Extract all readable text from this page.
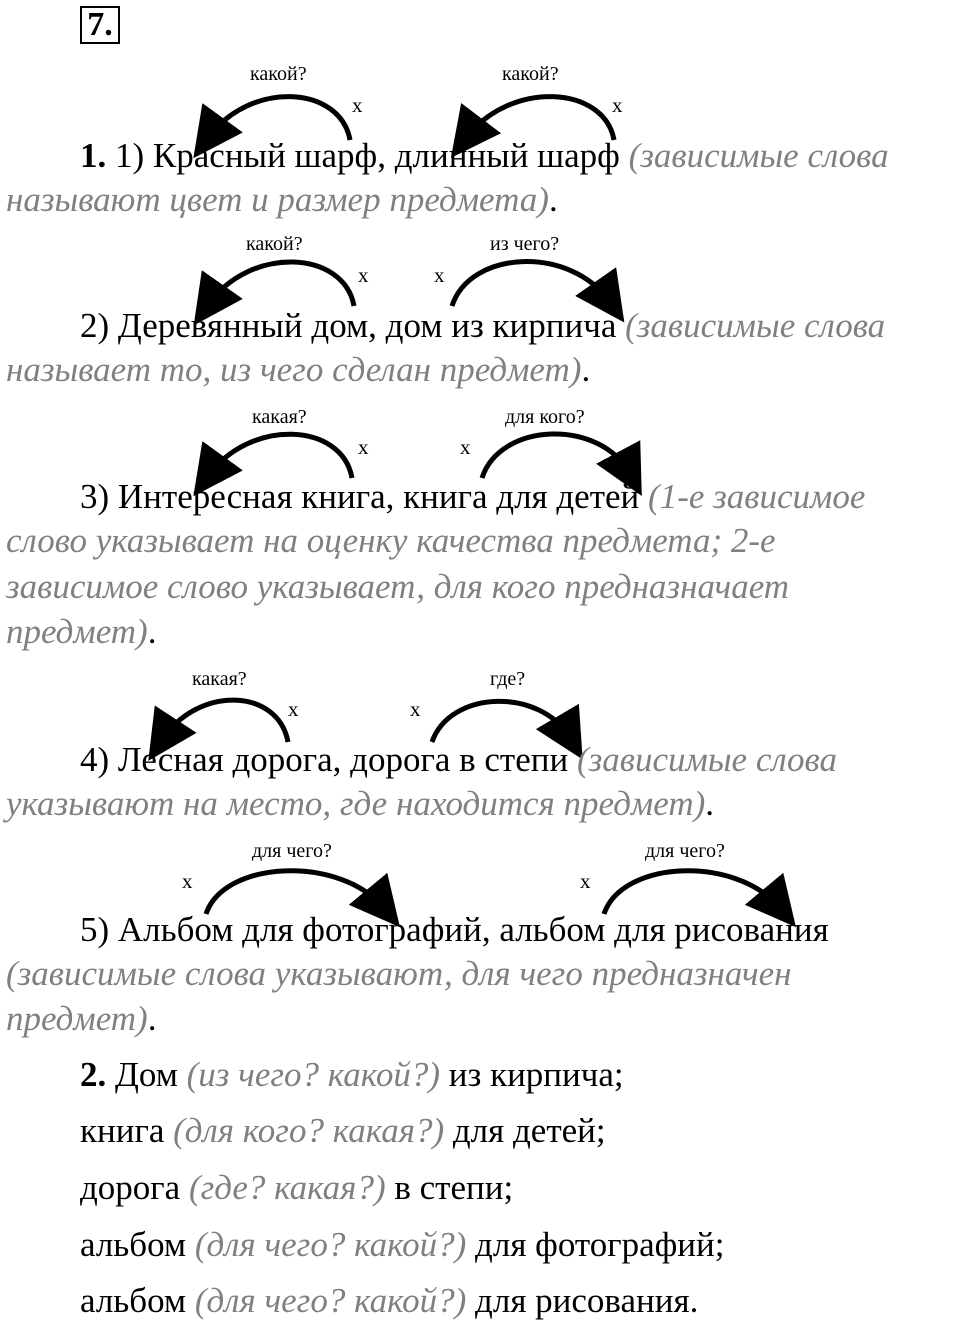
7.
какой?
х
какой?
х
1. 1) Красный шарф, длинный шарф (зависимые слова
называют цвет и размер предмета).
какой?
х	х
из чего?
2) Деревянный дом, дом из кирпича (зависимые слова
называет то, из чего сделан предмет).
какая?
х	х
для кого?
3) Интересная книга, книга для детей (1-е зависимое
слово указывает на оценку качества предмета; 2-е
зависимое слово указывает, для кого предназначает
предмет).
какая?
х	х
где?
4) Лесная дорога, дорога в степи (зависимые слова
указывают на место, где находится предмет).
х
для чего?
х
для чего?
5) Альбом для фотографий, альбом для рисования
(зависимые слова указывают, для чего предназначен
предмет).
2. Дом (из чего? какой?) из кирпича;
книга (для кого? какая?) для детей;
дорога (где? какая?) в степи;
альбом (для чего? какой?) для фотографий;
альбом (для чего? какой?) для рисования.
